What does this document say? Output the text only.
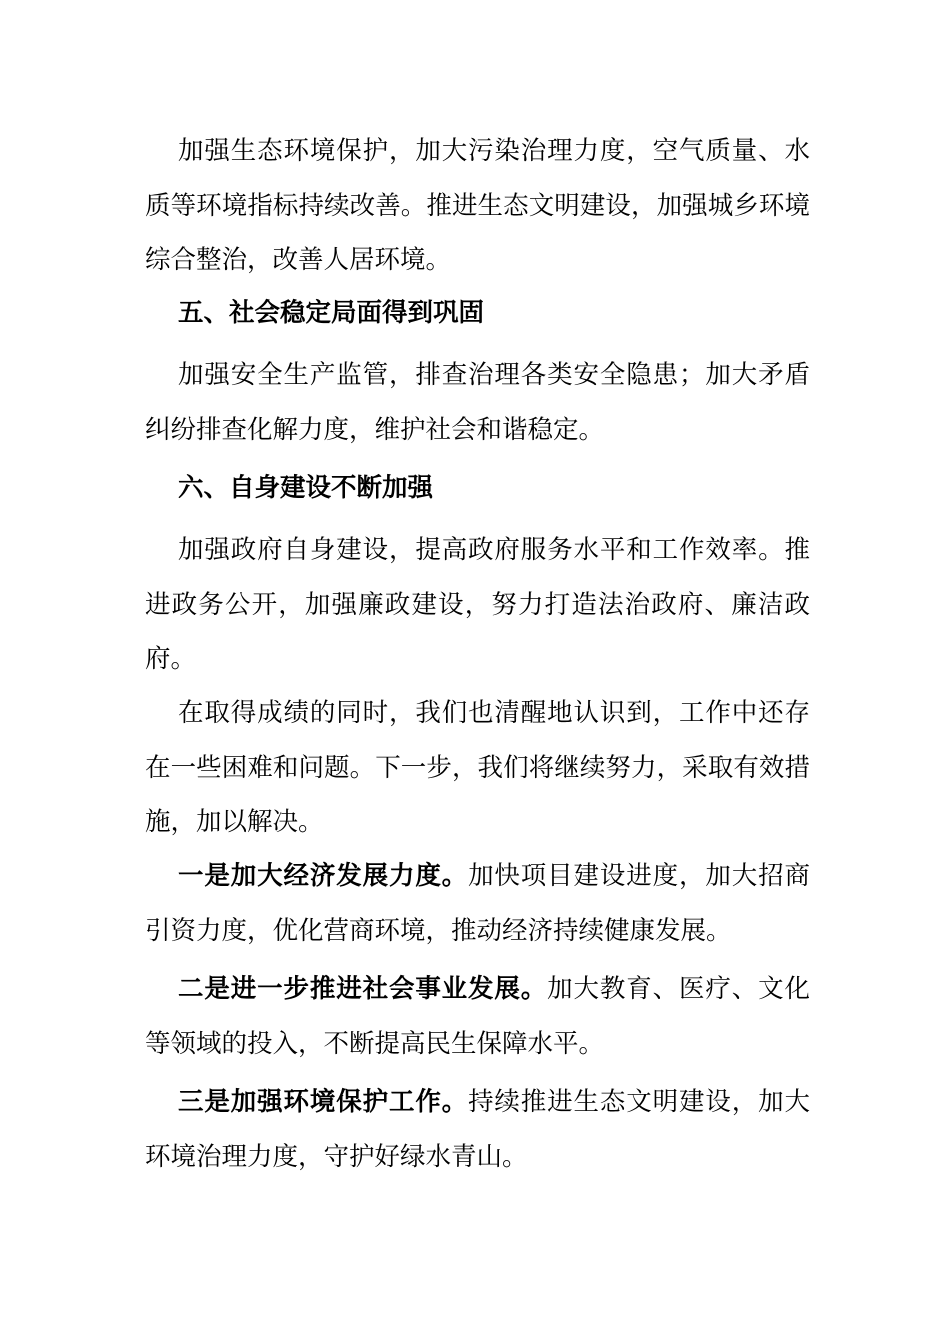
加强生态环境保护，加大污染治理力度，空气质量、水质等环境指标持续改善。推进生态文明建设，加强城乡环境综合整治，改善人居环境。

五、社会稳定局面得到巩固

加强安全生产监管，排查治理各类安全隐患；加大矛盾纠纷排查化解力度，维护社会和谐稳定。

六、自身建设不断加强

加强政府自身建设，提高政府服务水平和工作效率。推进政务公开，加强廉政建设，努力打造法治政府、廉洁政府。

在取得成绩的同时，我们也清醒地认识到，工作中还存在一些困难和问题。下一步，我们将继续努力，采取有效措施，加以解决。

一是加大经济发展力度。加快项目建设进度，加大招商引资力度，优化营商环境，推动经济持续健康发展。

二是进一步推进社会事业发展。加大教育、医疗、文化等领域的投入，不断提高民生保障水平。

三是加强环境保护工作。持续推进生态文明建设，加大环境治理力度，守护好绿水青山。
